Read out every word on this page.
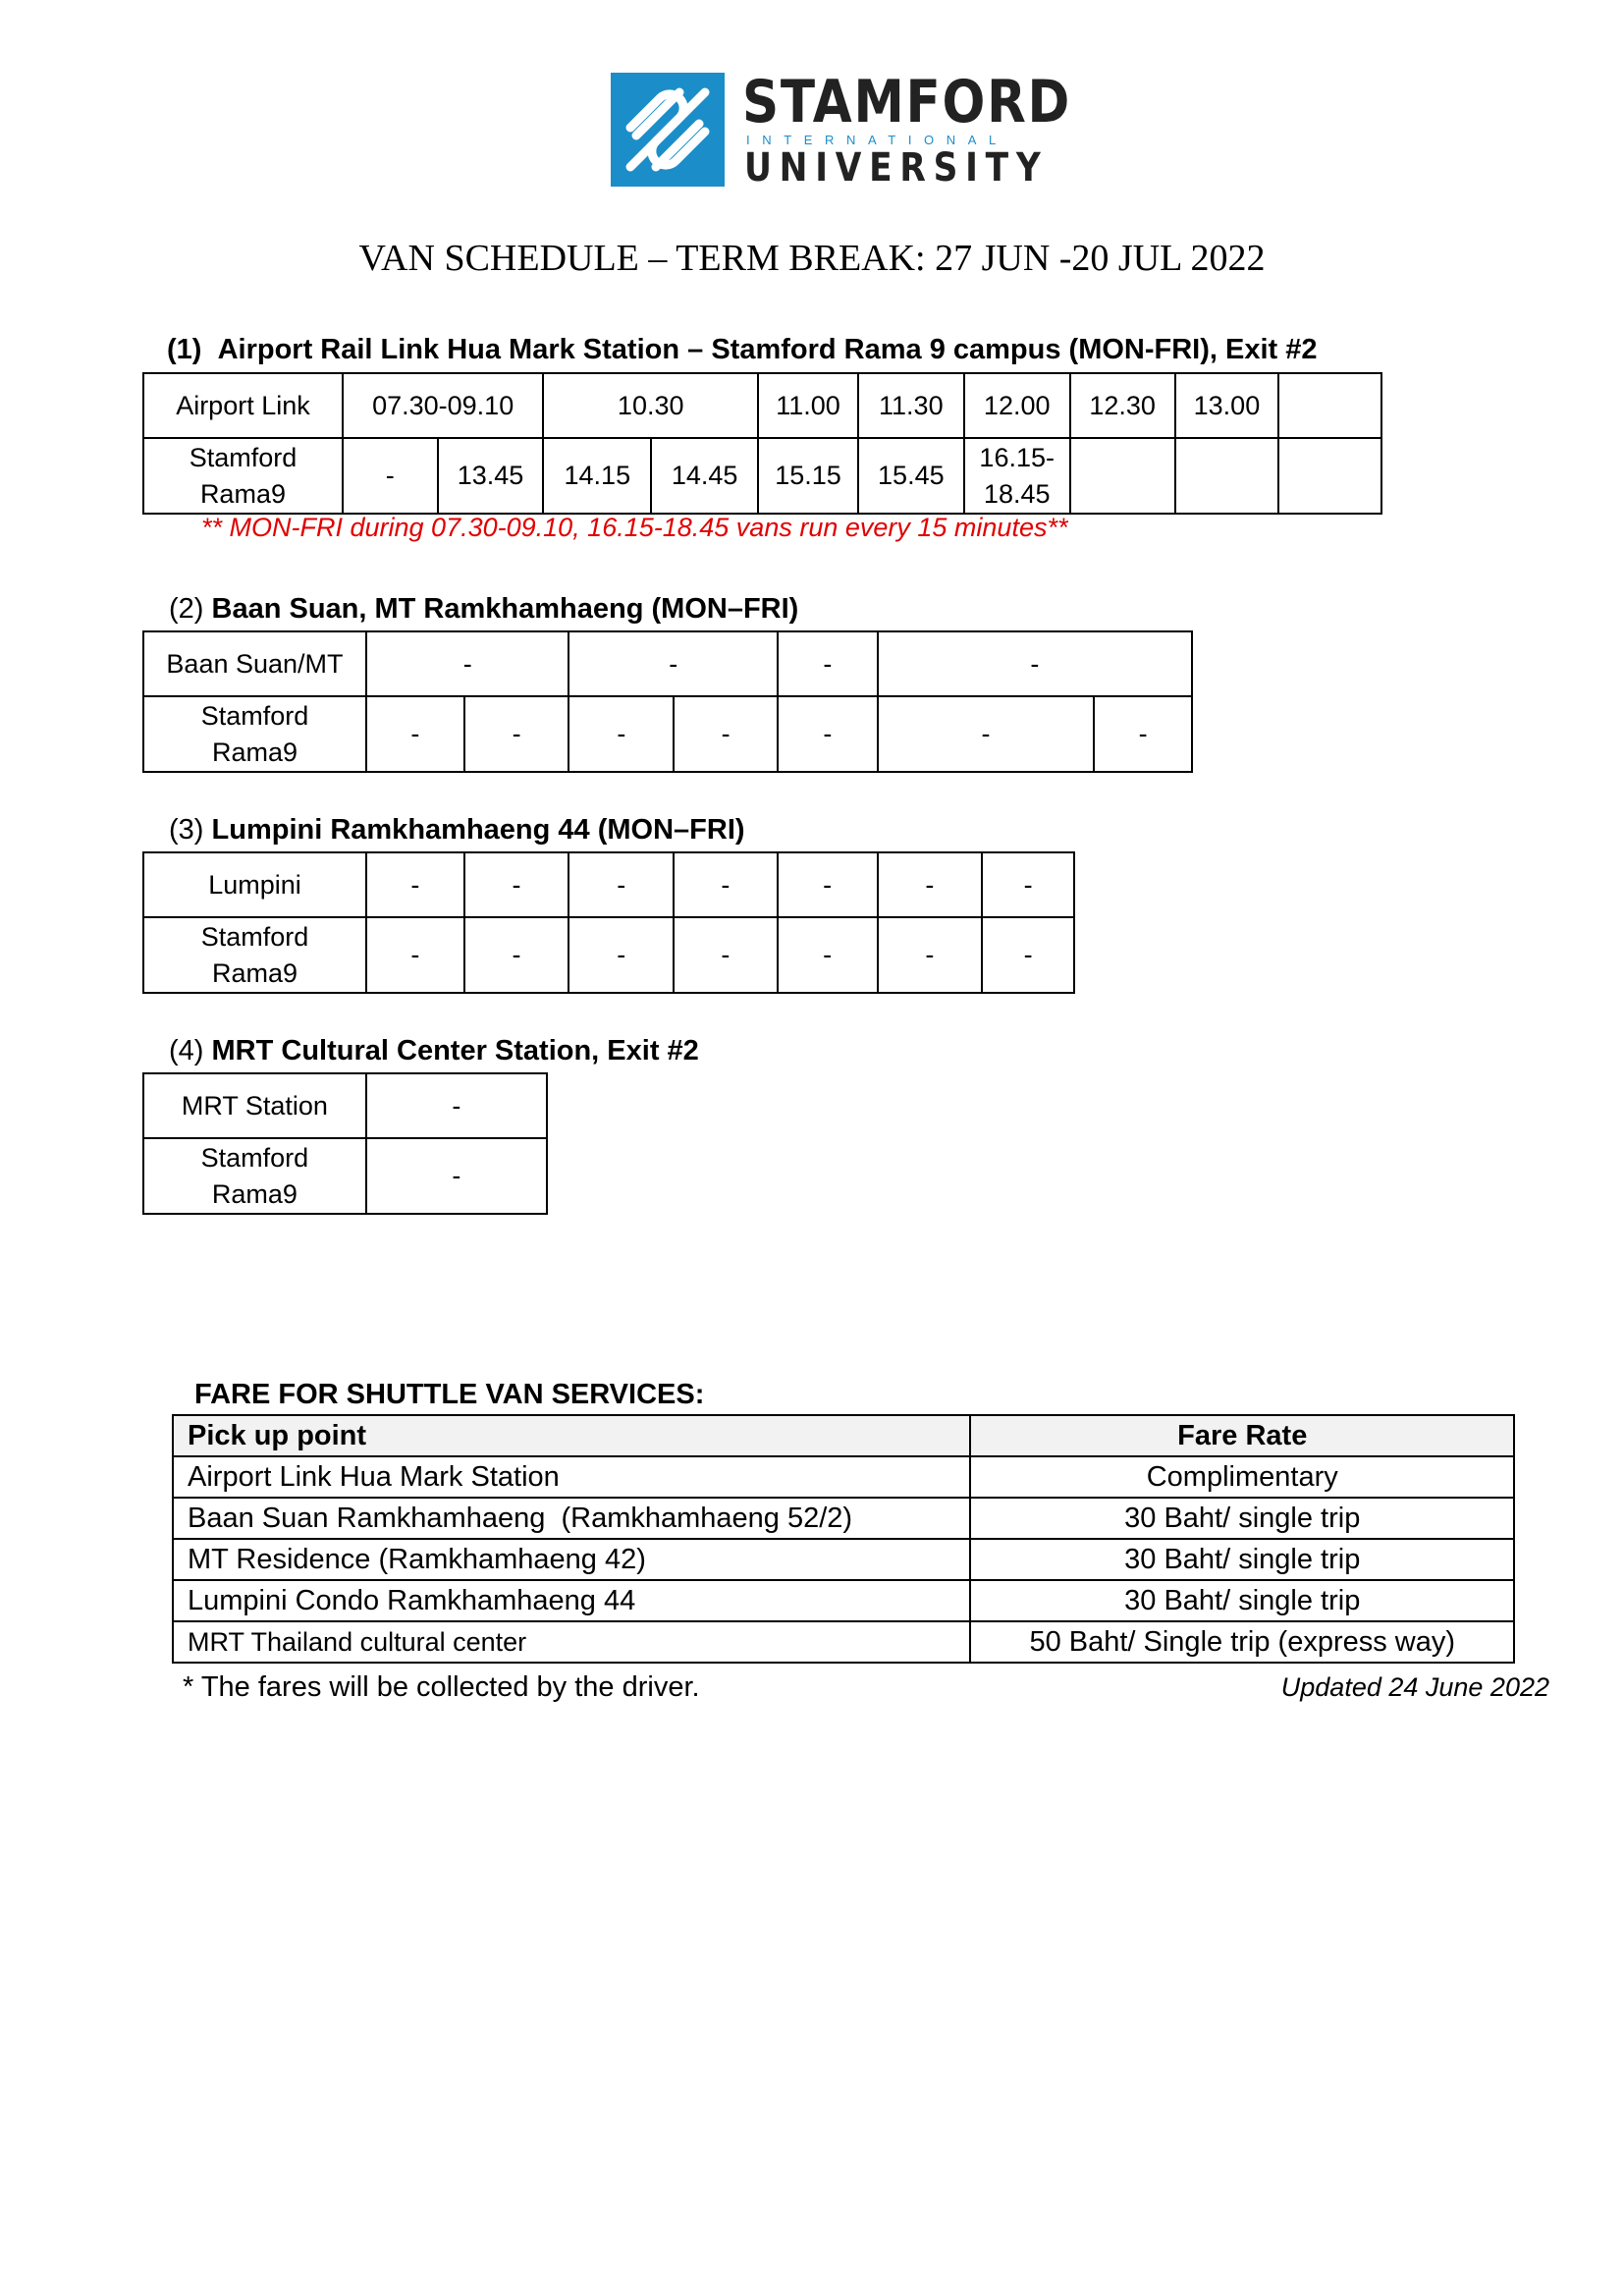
STAMFORD
INTERNATIONAL
UNIVERSITY
VAN SCHEDULE – TERM BREAK: 27 JUN -20 JUL 2022
(1) Airport Rail Link Hua Mark Station – Stamford Rama 9 campus (MON-FRI), Exit #2
Airport Link	07.30-09.10		10.30		11.00	11.30	12.00	12.30	13.00	
Stamford Rama9	-	13.45	14.15	14.45	15.15	15.45	16.15-18.45			
** MON-FRI during 07.30-09.10, 16.15-18.45 vans run every 15 minutes**
(2) Baan Suan, MT Ramkhamhaeng (MON–FRI)
Baan Suan/MT	-		-		-	-	
Stamford Rama9	-	-	-	-	-	-	-
(3) Lumpini Ramkhamhaeng 44 (MON–FRI)
Lumpini	-	-	-	-	-	-	-
Stamford Rama9	-	-	-	-	-	-	-
(4) MRT Cultural Center Station, Exit #2
MRT Station	-
Stamford Rama9	-
FARE FOR SHUTTLE VAN SERVICES:
Pick up point	Fare Rate
Airport Link Hua Mark Station	Complimentary
Baan Suan Ramkhamhaeng  (Ramkhamhaeng 52/2)	30 Baht/ single trip
MT Residence (Ramkhamhaeng 42)	30 Baht/ single trip
Lumpini Condo Ramkhamhaeng 44	30 Baht/ single trip
MRT Thailand cultural center	50 Baht/ Single trip (express way)
* The fares will be collected by the driver.	Updated 24 June 2022
